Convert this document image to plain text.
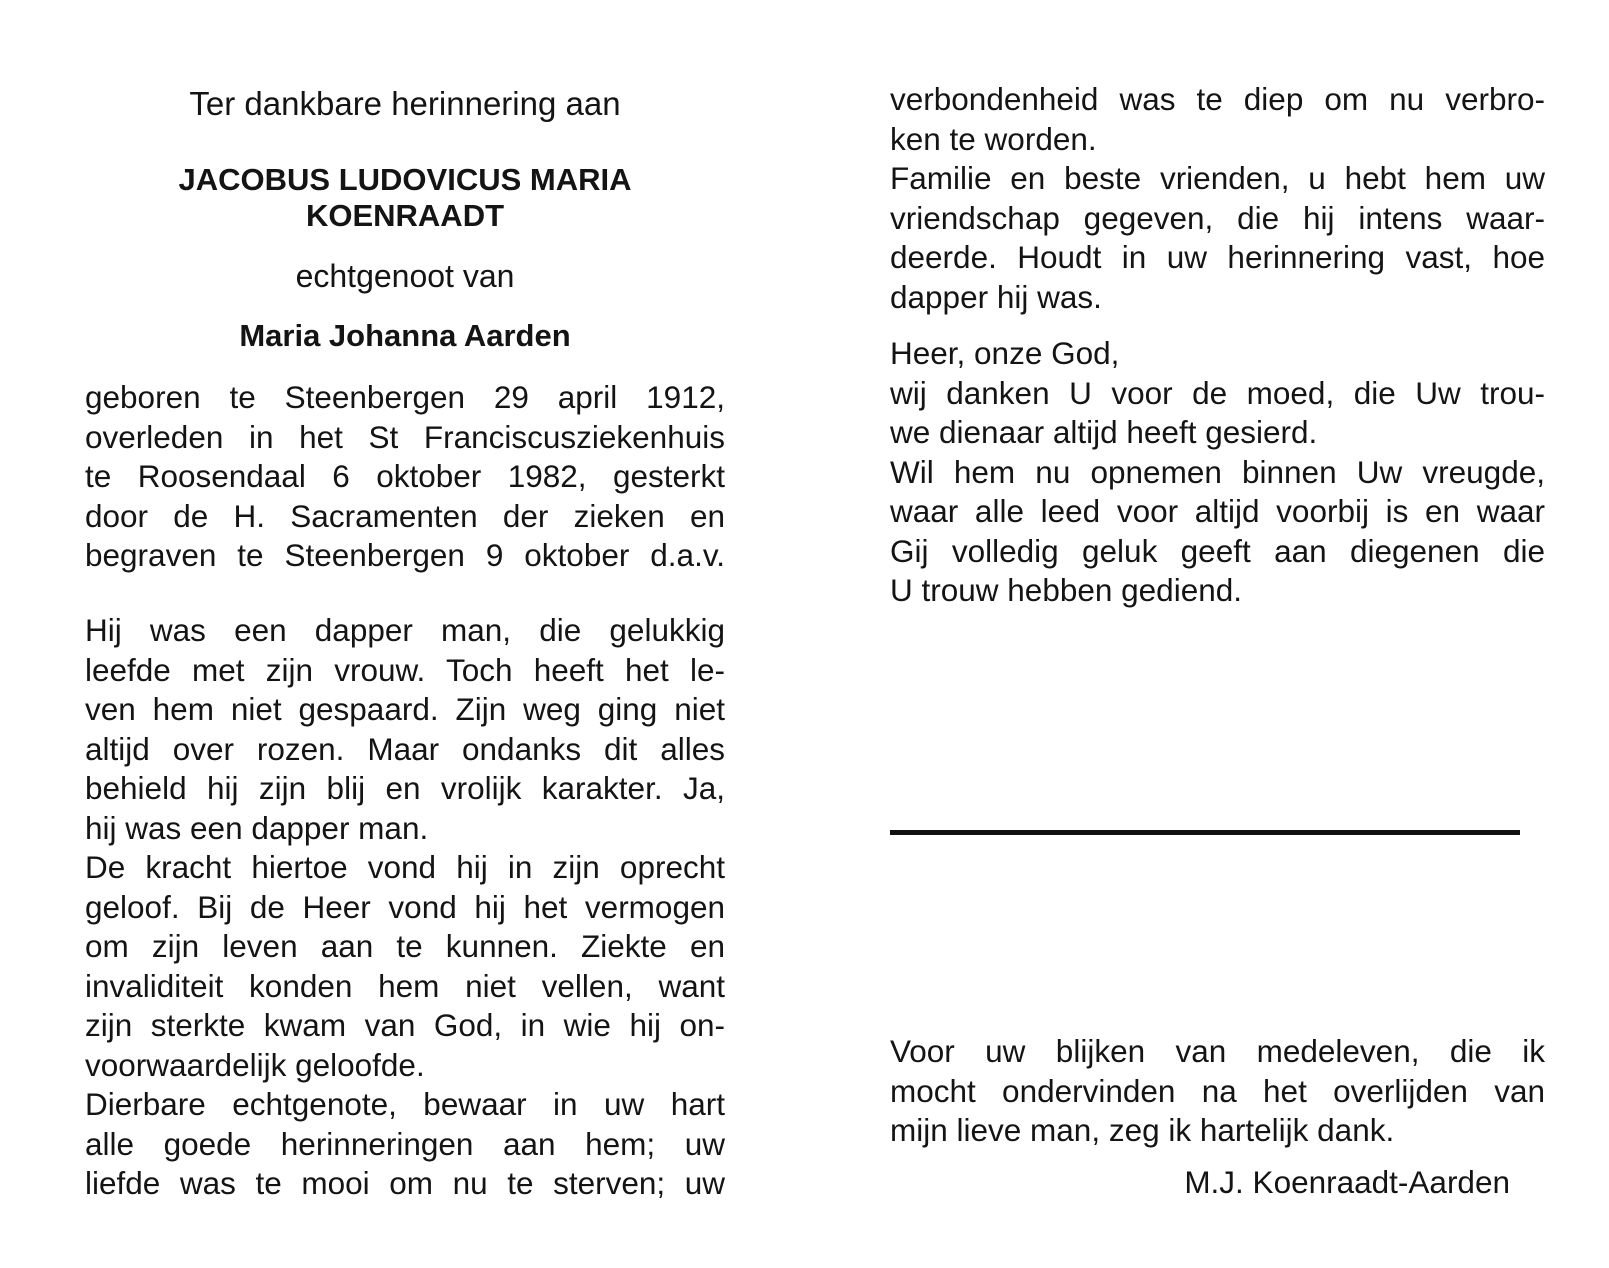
Ter dankbare herinnering aan
JACOBUS LUDOVICUS MARIA
KOENRAADT
echtgenoot van
Maria Johanna Aarden
geboren te Steenbergen 29 april 1912,
overleden in het St Franciscusziekenhuis
te Roosendaal 6 oktober 1982, gesterkt
door de H. Sacramenten der zieken en
begraven te Steenbergen 9 oktober d.a.v.
Hij was een dapper man, die gelukkig
leefde met zijn vrouw. Toch heeft het le-
ven hem niet gespaard. Zijn weg ging niet
altijd over rozen. Maar ondanks dit alles
behield hij zijn blij en vrolijk karakter. Ja,
hij was een dapper man.
De kracht hiertoe vond hij in zijn oprecht
geloof. Bij de Heer vond hij het vermogen
om zijn leven aan te kunnen. Ziekte en
invaliditeit konden hem niet vellen, want
zijn sterkte kwam van God, in wie hij on-
voorwaardelijk geloofde.
Dierbare echtgenote, bewaar in uw hart
alle goede herinneringen aan hem; uw
liefde was te mooi om nu te sterven; uw
verbondenheid was te diep om nu verbro-
ken te worden.
Familie en beste vrienden, u hebt hem uw
vriendschap gegeven, die hij intens waar-
deerde. Houdt in uw herinnering vast, hoe
dapper hij was.
Heer, onze God,
wij danken U voor de moed, die Uw trou-
we dienaar altijd heeft gesierd.
Wil hem nu opnemen binnen Uw vreugde,
waar alle leed voor altijd voorbij is en waar
Gij volledig geluk geeft aan diegenen die
U trouw hebben gediend.
Voor uw blijken van medeleven, die ik
mocht ondervinden na het overlijden van
mijn lieve man, zeg ik hartelijk dank.
M.J. Koenraadt-Aarden
